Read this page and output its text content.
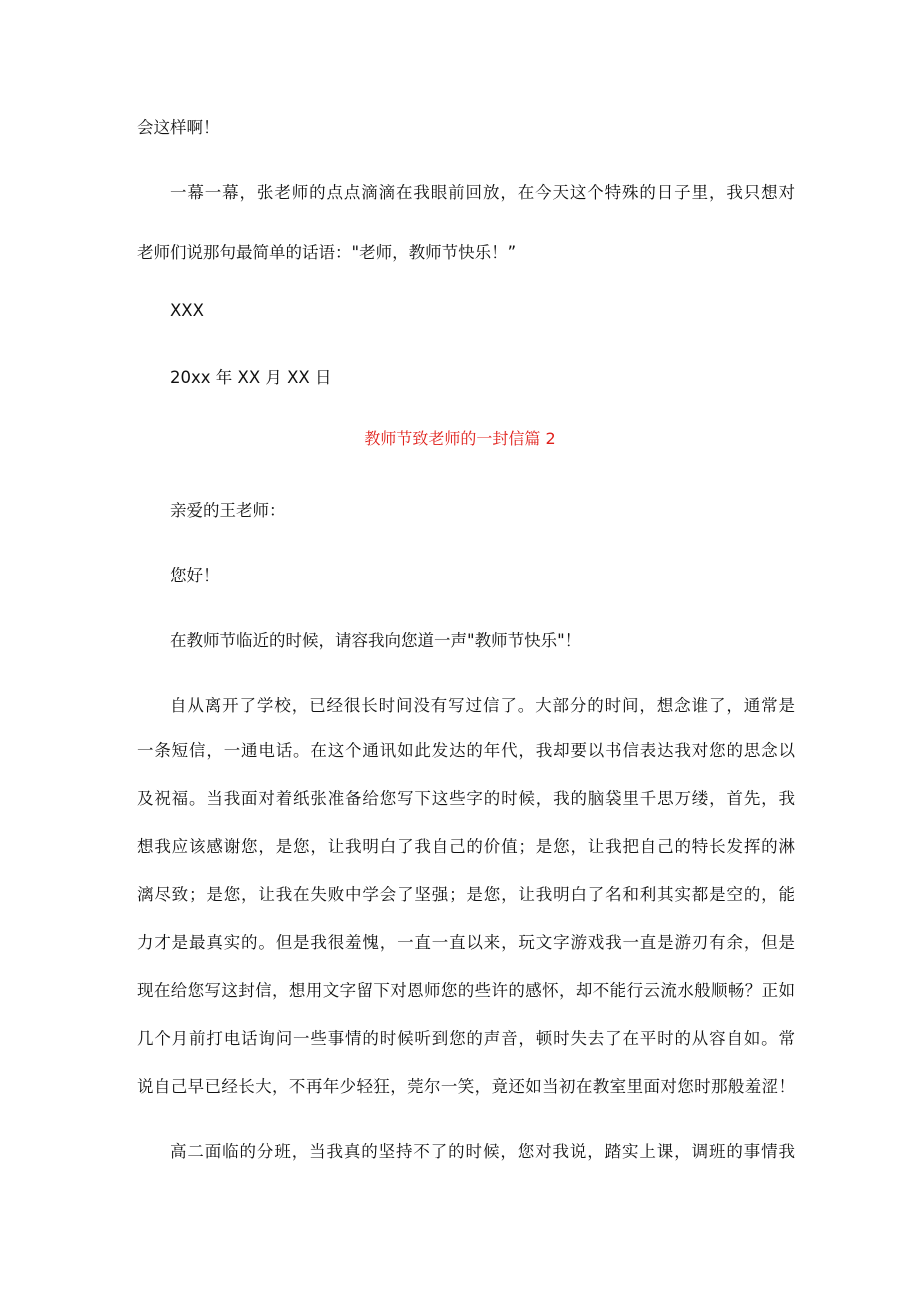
会这样啊！
一幕一幕，张老师的点点滴滴在我眼前回放，在今天这个特殊的日子里，我只想对
老师们说那句最简单的话语："老师，教师节快乐！”
XXX
20xx 年 XX 月 XX 日
教师节致老师的一封信篇 2
亲爱的王老师：
您好！
在教师节临近的时候，请容我向您道一声"教师节快乐"！
自从离开了学校，已经很长时间没有写过信了。大部分的时间，想念谁了，通常是
一条短信，一通电话。在这个通讯如此发达的年代，我却要以书信表达我对您的思念以
及祝福。当我面对着纸张准备给您写下这些字的时候，我的脑袋里千思万缕，首先，我
想我应该感谢您，是您，让我明白了我自己的价值；是您，让我把自己的特长发挥的淋
漓尽致；是您，让我在失败中学会了坚强；是您，让我明白了名和利其实都是空的，能
力才是最真实的。但是我很羞愧，一直一直以来，玩文字游戏我一直是游刃有余，但是
现在给您写这封信，想用文字留下对恩师您的些许的感怀，却不能行云流水般顺畅？正如
几个月前打电话询问一些事情的时候听到您的声音，顿时失去了在平时的从容自如。常
说自己早已经长大，不再年少轻狂，莞尔一笑，竟还如当初在教室里面对您时那般羞涩！
高二面临的分班，当我真的坚持不了的时候，您对我说，踏实上课，调班的事情我
